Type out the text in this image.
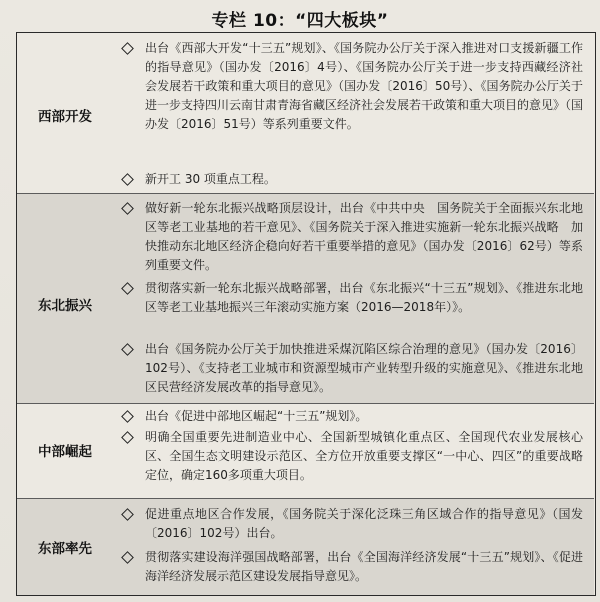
专栏 10：“四大板块”
西部开发
出台《西部大开发“十三五”规划》、《国务院办公厅关于深入推进对口支援新疆工作的指导意见》（国办发〔2016〕4号）、《国务院办公厅关于进一步支持西藏经济社会发展若干政策和重大项目的意见》（国办发〔2016〕50号）、《国务院办公厅关于进一步支持四川云南甘肃青海省藏区经济社会发展若干政策和重大项目的意见》（国办发〔2016〕51号）等系列重要文件。
新开工 30 项重点工程。
东北振兴
做好新一轮东北振兴战略顶层设计，出台《中共中央　国务院关于全面振兴东北地区等老工业基地的若干意见》、《国务院关于深入推进实施新一轮东北振兴战略　加快推动东北地区经济企稳向好若干重要举措的意见》（国办发〔2016〕62号）等系列重要文件。
贯彻落实新一轮东北振兴战略部署，出台《东北振兴“十三五”规划》、《推进东北地区等老工业基地振兴三年滚动实施方案（2016—2018年）》。
出台《国务院办公厅关于加快推进采煤沉陷区综合治理的意见》（国办发〔2016〕102号）、《支持老工业城市和资源型城市产业转型升级的实施意见》、《推进东北地区民营经济发展改革的指导意见》。
中部崛起
出台《促进中部地区崛起“十三五”规划》。
明确全国重要先进制造业中心、全国新型城镇化重点区、全国现代农业发展核心区、全国生态文明建设示范区、全方位开放重要支撑区“一中心、四区”的重要战略定位，确定160多项重大项目。
东部率先
促进重点地区合作发展，《国务院关于深化泛珠三角区域合作的指导意见》（国发〔2016〕102号）出台。
贯彻落实建设海洋强国战略部署，出台《全国海洋经济发展“十三五”规划》、《促进海洋经济发展示范区建设发展指导意见》。
